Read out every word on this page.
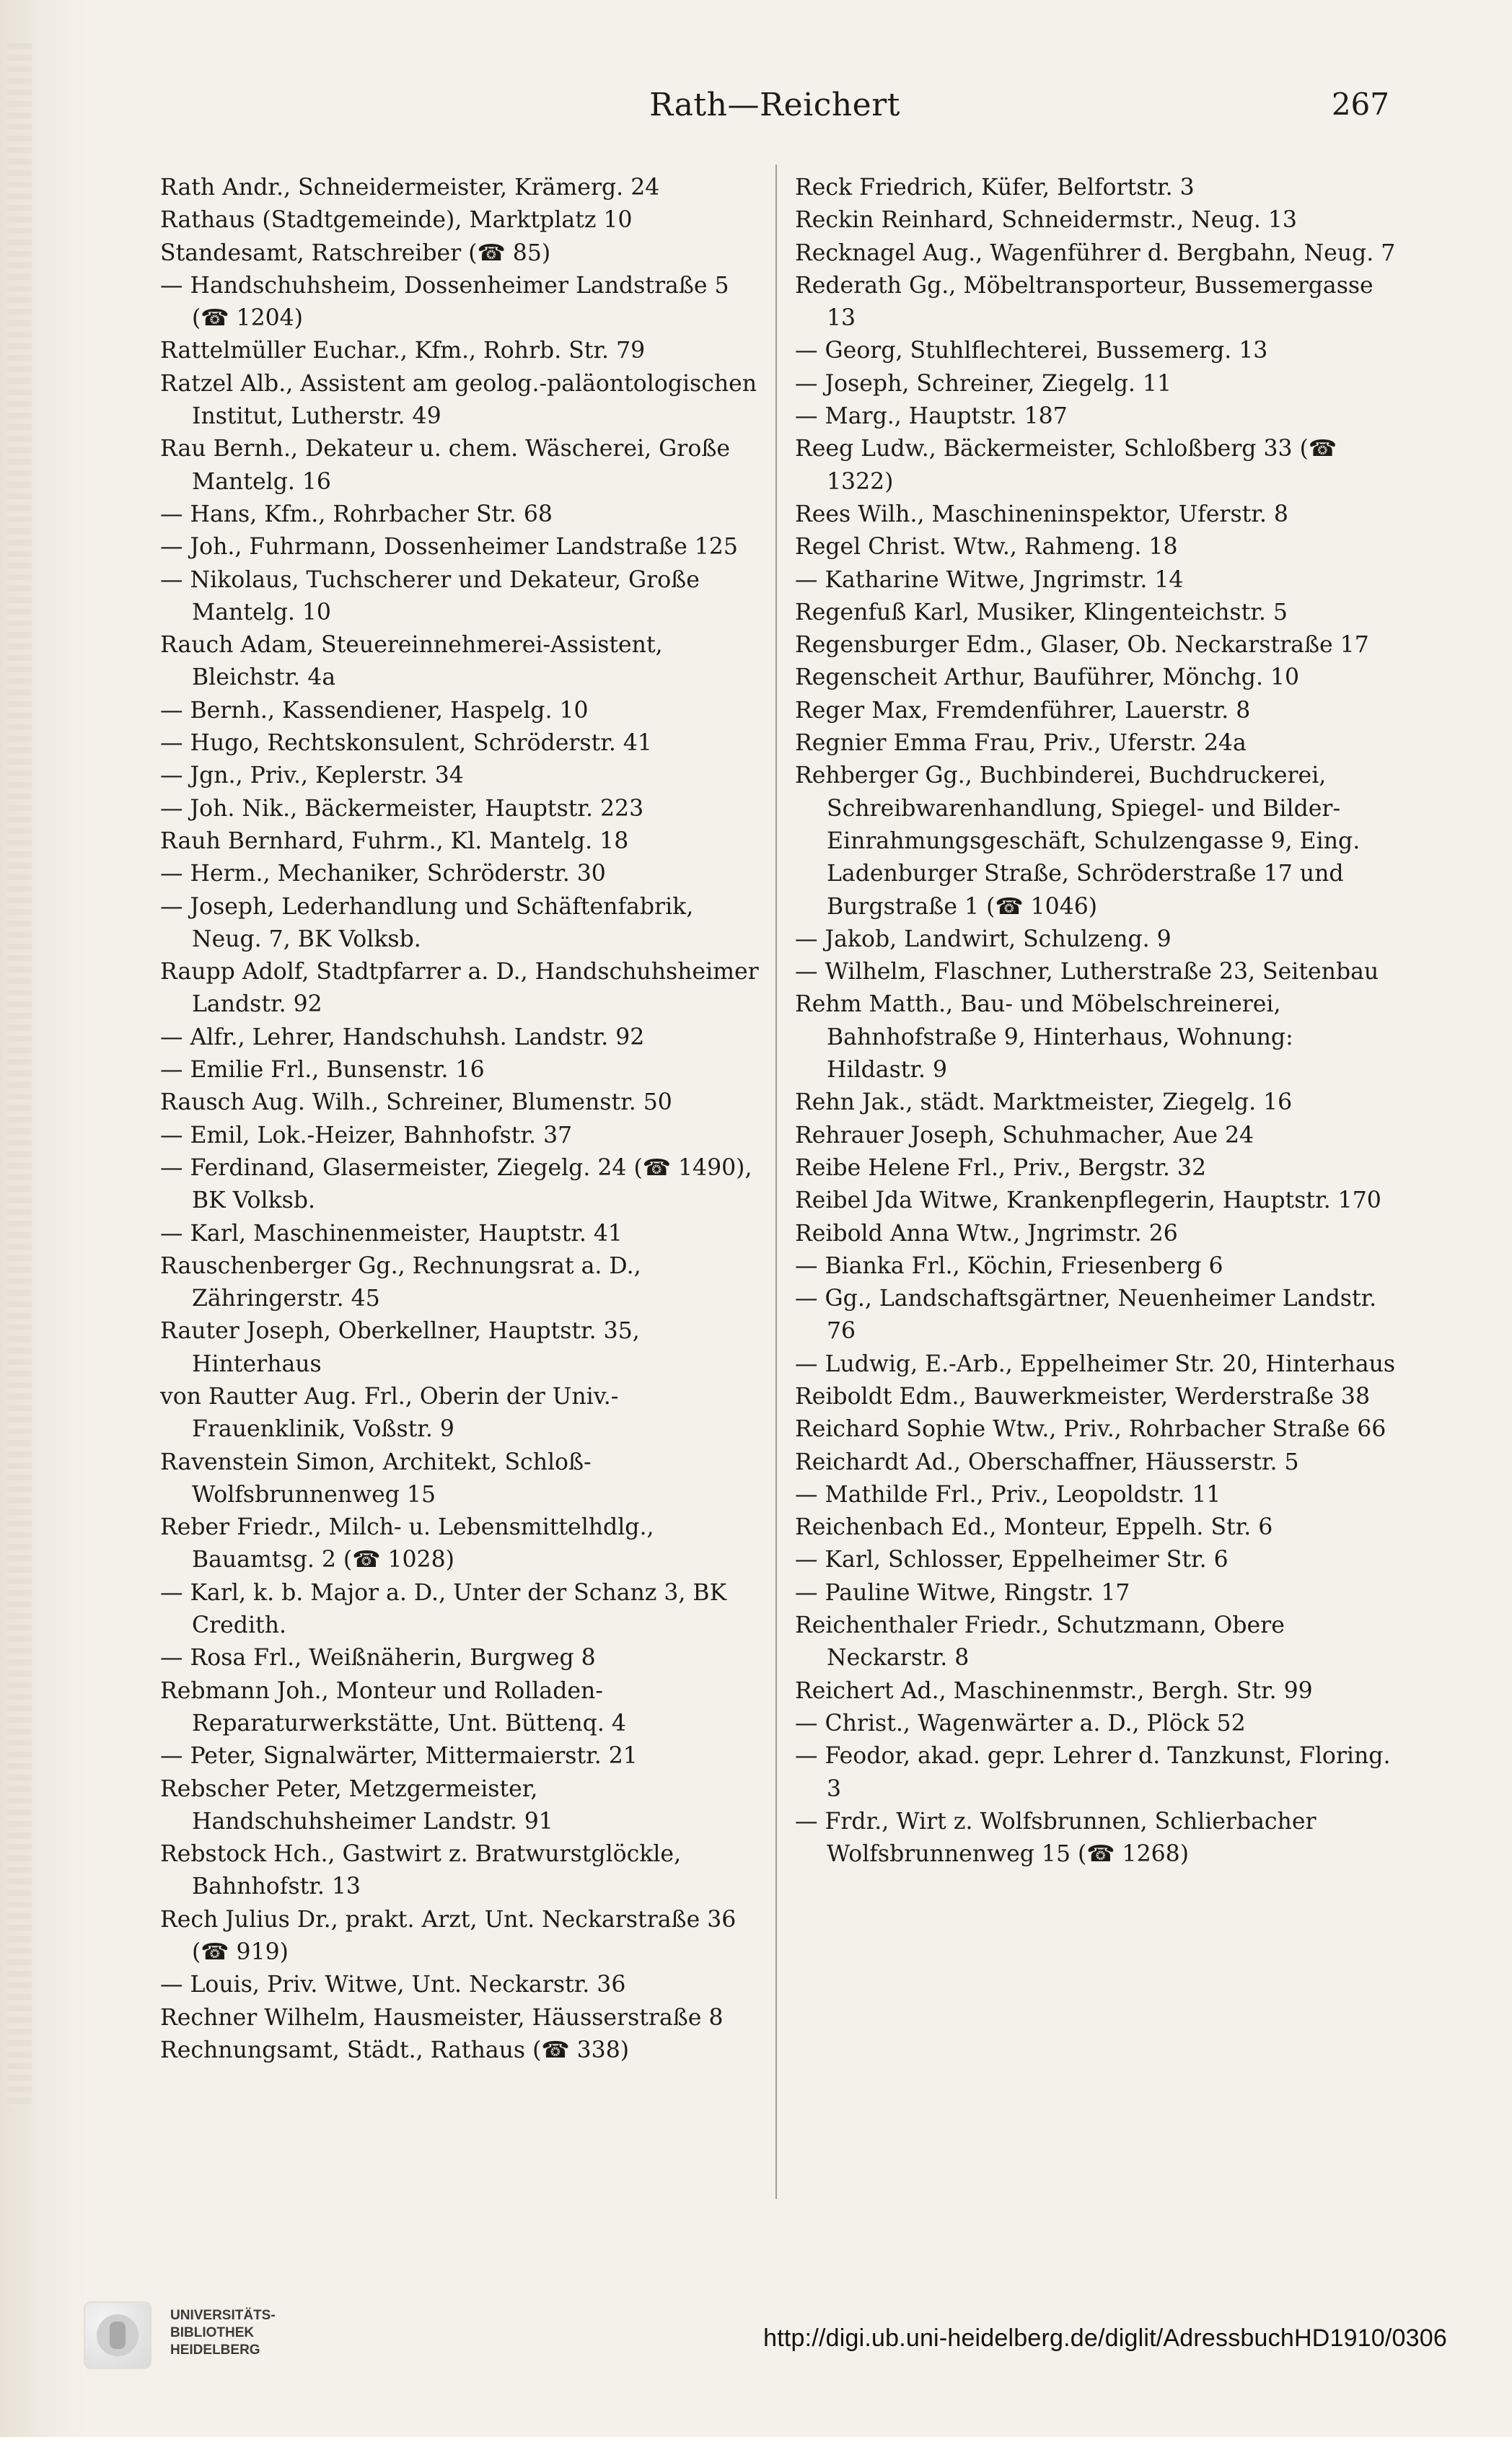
Rath—Reichert	267

Rath Andr., Schneidermeister, Krämerg. 24

Rathaus (Stadtgemeinde), Marktplatz 10

Standesamt, Ratschreiber (☎ 85)

— Handschuhsheim, Dossenheimer Landstraße 5 (☎ 1204)

Rattelmüller Euchar., Kfm., Rohrb. Str. 79

Ratzel Alb., Assistent am geolog.-paläontologischen Institut, Lutherstr. 49

Rau Bernh., Dekateur u. chem. Wäscherei, Große Mantelg. 16

— Hans, Kfm., Rohrbacher Str. 68

— Joh., Fuhrmann, Dossenheimer Landstraße 125

— Nikolaus, Tuchscherer und Dekateur, Große Mantelg. 10

Rauch Adam, Steuereinnehmerei-Assistent, Bleichstr. 4a

— Bernh., Kassendiener, Haspelg. 10

— Hugo, Rechtskonsulent, Schröderstr. 41

— Jgn., Priv., Keplerstr. 34

— Joh. Nik., Bäckermeister, Hauptstr. 223

Rauh Bernhard, Fuhrm., Kl. Mantelg. 18

— Herm., Mechaniker, Schröderstr. 30

— Joseph, Lederhandlung und Schäftenfabrik, Neug. 7, BK Volksb.

Raupp Adolf, Stadtpfarrer a. D., Handschuhsheimer Landstr. 92

— Alfr., Lehrer, Handschuhsh. Landstr. 92

— Emilie Frl., Bunsenstr. 16

Rausch Aug. Wilh., Schreiner, Blumenstr. 50

— Emil, Lok.-Heizer, Bahnhofstr. 37

— Ferdinand, Glasermeister, Ziegelg. 24 (☎ 1490), BK Volksb.

— Karl, Maschinenmeister, Hauptstr. 41

Rauschenberger Gg., Rechnungsrat a. D., Zähringerstr. 45

Rauter Joseph, Oberkellner, Hauptstr. 35, Hinterhaus

von Rautter Aug. Frl., Oberin der Univ.-Frauenklinik, Voßstr. 9

Ravenstein Simon, Architekt, Schloß-Wolfsbrunnenweg 15

Reber Friedr., Milch- u. Lebensmittelhdlg., Bauamtsg. 2 (☎ 1028)

— Karl, k. b. Major a. D., Unter der Schanz 3, BK Credith.

— Rosa Frl., Weißnäherin, Burgweg 8

Rebmann Joh., Monteur und Rolladen-Reparaturwerkstätte, Unt. Büttenq. 4

— Peter, Signalwärter, Mittermaierstr. 21

Rebscher Peter, Metzgermeister, Handschuhsheimer Landstr. 91

Rebstock Hch., Gastwirt z. Bratwurstglöckle, Bahnhofstr. 13

Rech Julius Dr., prakt. Arzt, Unt. Neckarstraße 36 (☎ 919)

— Louis, Priv. Witwe, Unt. Neckarstr. 36

Rechner Wilhelm, Hausmeister, Häusserstraße 8

Rechnungsamt, Städt., Rathaus (☎ 338)

Reck Friedrich, Küfer, Belfortstr. 3

Reckin Reinhard, Schneidermstr., Neug. 13

Recknagel Aug., Wagenführer d. Bergbahn, Neug. 7

Rederath Gg., Möbeltransporteur, Bussemergasse 13

— Georg, Stuhlflechterei, Bussemerg. 13

— Joseph, Schreiner, Ziegelg. 11

— Marg., Hauptstr. 187

Reeg Ludw., Bäckermeister, Schloßberg 33 (☎ 1322)

Rees Wilh., Maschineninspektor, Uferstr. 8

Regel Christ. Wtw., Rahmeng. 18

— Katharine Witwe, Jngrimstr. 14

Regenfuß Karl, Musiker, Klingenteichstr. 5

Regensburger Edm., Glaser, Ob. Neckarstraße 17

Regenscheit Arthur, Bauführer, Mönchg. 10

Reger Max, Fremdenführer, Lauerstr. 8

Regnier Emma Frau, Priv., Uferstr. 24a

Rehberger Gg., Buchbinderei, Buchdruckerei, Schreibwarenhandlung, Spiegel- und Bilder-Einrahmungsgeschäft, Schulzengasse 9, Eing. Ladenburger Straße, Schröderstraße 17 und Burgstraße 1 (☎ 1046)

— Jakob, Landwirt, Schulzeng. 9

— Wilhelm, Flaschner, Lutherstraße 23, Seitenbau

Rehm Matth., Bau- und Möbelschreinerei, Bahnhofstraße 9, Hinterhaus, Wohnung: Hildastr. 9

Rehn Jak., städt. Marktmeister, Ziegelg. 16

Rehrauer Joseph, Schuhmacher, Aue 24

Reibe Helene Frl., Priv., Bergstr. 32

Reibel Jda Witwe, Krankenpflegerin, Hauptstr. 170

Reibold Anna Wtw., Jngrimstr. 26

— Bianka Frl., Köchin, Friesenberg 6

— Gg., Landschaftsgärtner, Neuenheimer Landstr. 76

— Ludwig, E.-Arb., Eppelheimer Str. 20, Hinterhaus

Reiboldt Edm., Bauwerkmeister, Werderstraße 38

Reichard Sophie Wtw., Priv., Rohrbacher Straße 66

Reichardt Ad., Oberschaffner, Häusserstr. 5

— Mathilde Frl., Priv., Leopoldstr. 11

Reichenbach Ed., Monteur, Eppelh. Str. 6

— Karl, Schlosser, Eppelheimer Str. 6

— Pauline Witwe, Ringstr. 17

Reichenthaler Friedr., Schutzmann, Obere Neckarstr. 8

Reichert Ad., Maschinenmstr., Bergh. Str. 99

— Christ., Wagenwärter a. D., Plöck 52

— Feodor, akad. gepr. Lehrer d. Tanzkunst, Floring. 3

— Frdr., Wirt z. Wolfsbrunnen, Schlierbacher Wolfsbrunnenweg 15 (☎ 1268)

UNIVERSITÄTS-
BIBLIOTHEK
HEIDELBERG	http://digi.ub.uni-heidelberg.de/diglit/AdressbuchHD1910/0306
